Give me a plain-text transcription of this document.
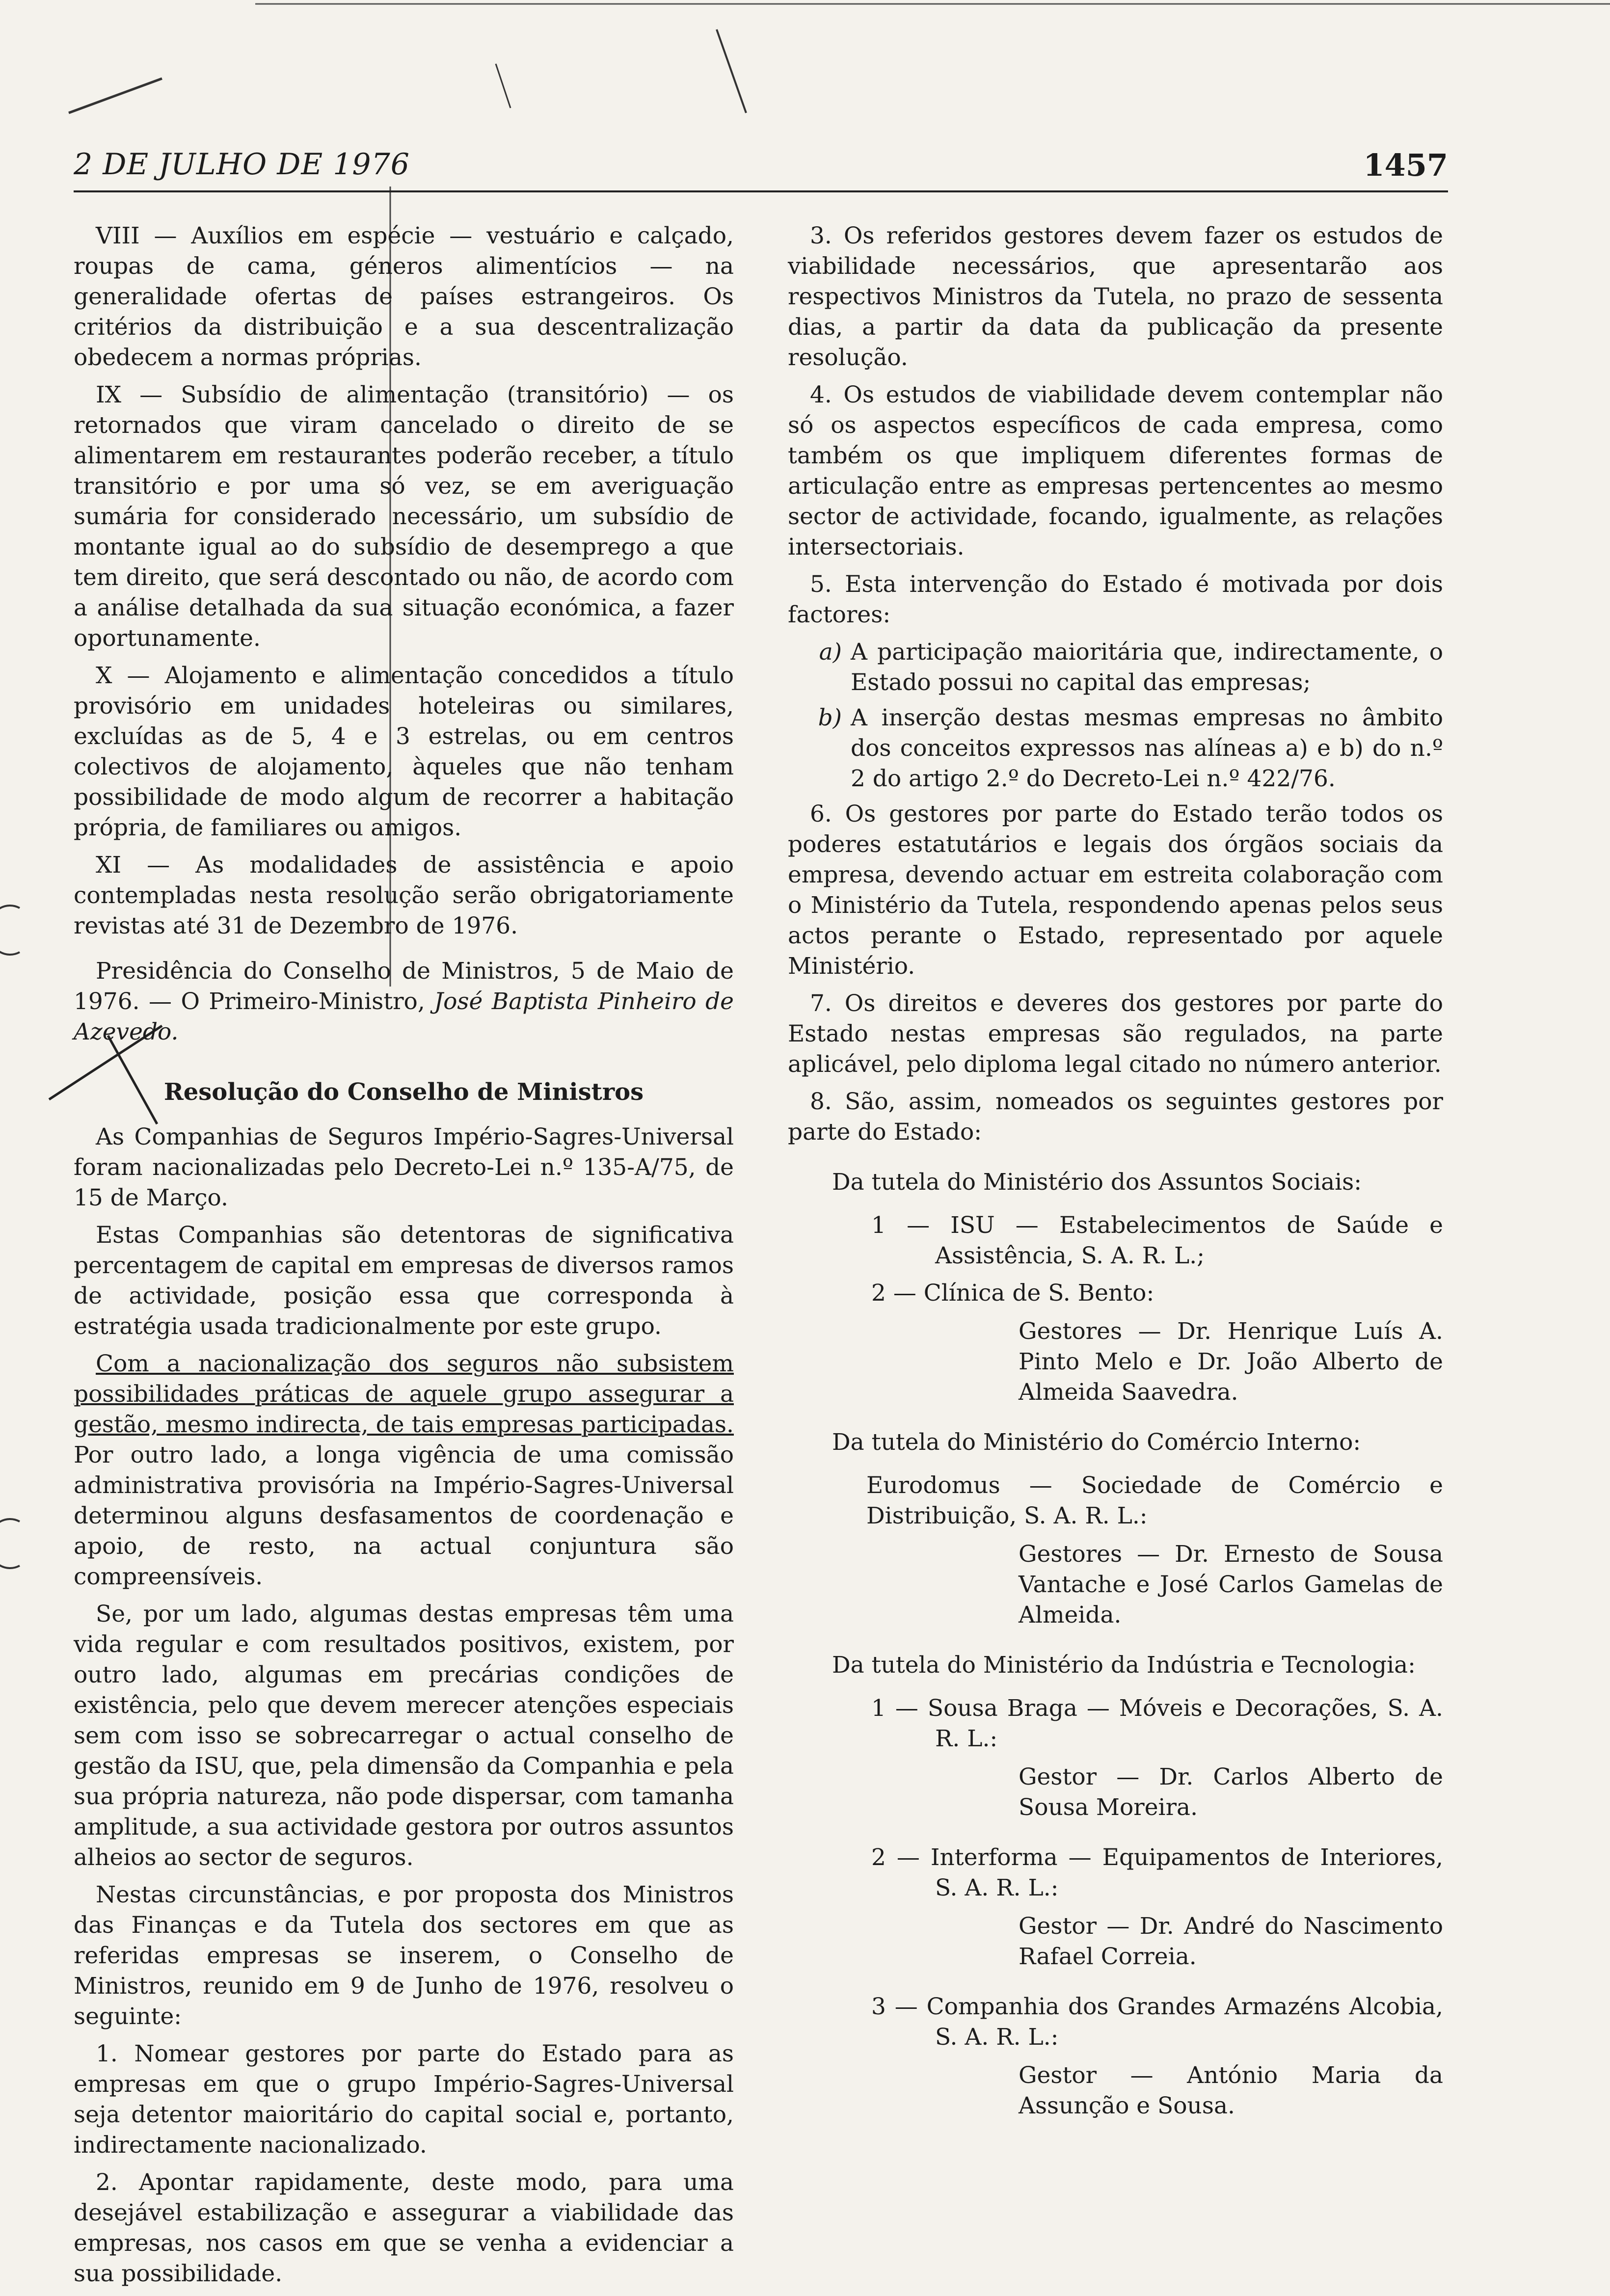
2 DE JULHO DE 1976	1457

VIII — Auxílios em espécie — vestuário e calçado, roupas de cama, géneros alimentícios — na generalidade ofertas de países estrangeiros. Os critérios da distribuição e a sua descentralização obedecem a normas próprias.

IX — Subsídio de alimentação (transitório) — os retornados que viram cancelado o direito de se alimentarem em restaurantes poderão receber, a título transitório e por uma só vez, se em averiguação sumária for considerado necessário, um subsídio de montante igual ao do subsídio de desemprego a que tem direito, que será descontado ou não, de acordo com a análise detalhada da sua situação económica, a fazer oportunamente.

X — Alojamento e alimentação concedidos a título provisório em unidades hoteleiras ou similares, excluídas as de 5, 4 e 3 estrelas, ou em centros colectivos de alojamento, àqueles que não tenham possibilidade de modo algum de recorrer a habitação própria, de familiares ou amigos.

XI — As modalidades de assistência e apoio contempladas nesta resolução serão obrigatoriamente revistas até 31 de Dezembro de 1976.

Presidência do Conselho de Ministros, 5 de Maio de 1976. — O Primeiro-Ministro, José Baptista Pinheiro de Azevedo.

Resolução do Conselho de Ministros

As Companhias de Seguros Império-Sagres-Universal foram nacionalizadas pelo Decreto-Lei n.º 135-A/75, de 15 de Março.

Estas Companhias são detentoras de significativa percentagem de capital em empresas de diversos ramos de actividade, posição essa que corresponda à estratégia usada tradicionalmente por este grupo.

Com a nacionalização dos seguros não subsistem possibilidades práticas de aquele grupo assegurar a gestão, mesmo indirecta, de tais empresas participadas. Por outro lado, a longa vigência de uma comissão administrativa provisória na Império-Sagres-Universal determinou alguns desfasamentos de coordenação e apoio, de resto, na actual conjuntura são compreensíveis.

Se, por um lado, algumas destas empresas têm uma vida regular e com resultados positivos, existem, por outro lado, algumas em precárias condições de existência, pelo que devem merecer atenções especiais sem com isso se sobrecarregar o actual conselho de gestão da ISU, que, pela dimensão da Companhia e pela sua própria natureza, não pode dispersar, com tamanha amplitude, a sua actividade gestora por outros assuntos alheios ao sector de seguros.

Nestas circunstâncias, e por proposta dos Ministros das Finanças e da Tutela dos sectores em que as referidas empresas se inserem, o Conselho de Ministros, reunido em 9 de Junho de 1976, resolveu o seguinte:

1. Nomear gestores por parte do Estado para as empresas em que o grupo Império-Sagres-Universal seja detentor maioritário do capital social e, portanto, indirectamente nacionalizado.

2. Apontar rapidamente, deste modo, para uma desejável estabilização e assegurar a viabilidade das empresas, nos casos em que se venha a evidenciar a sua possibilidade.

3. Os referidos gestores devem fazer os estudos de viabilidade necessários, que apresentarão aos respectivos Ministros da Tutela, no prazo de sessenta dias, a partir da data da publicação da presente resolução.

4. Os estudos de viabilidade devem contemplar não só os aspectos específicos de cada empresa, como também os que impliquem diferentes formas de articulação entre as empresas pertencentes ao mesmo sector de actividade, focando, igualmente, as relações intersectoriais.

5. Esta intervenção do Estado é motivada por dois factores:

a) A participação maioritária que, indirectamente, o Estado possui no capital das empresas;
b) A inserção destas mesmas empresas no âmbito dos conceitos expressos nas alíneas a) e b) do n.º 2 do artigo 2.º do Decreto-Lei n.º 422/76.

6. Os gestores por parte do Estado terão todos os poderes estatutários e legais dos órgãos sociais da empresa, devendo actuar em estreita colaboração com o Ministério da Tutela, respondendo apenas pelos seus actos perante o Estado, representado por aquele Ministério.

7. Os direitos e deveres dos gestores por parte do Estado nestas empresas são regulados, na parte aplicável, pelo diploma legal citado no número anterior.

8. São, assim, nomeados os seguintes gestores por parte do Estado:

Da tutela do Ministério dos Assuntos Sociais:

1 — ISU — Estabelecimentos de Saúde e Assistência, S. A. R. L.;

2 — Clínica de S. Bento:

Gestores — Dr. Henrique Luís A. Pinto Melo e Dr. João Alberto de Almeida Saavedra.

Da tutela do Ministério do Comércio Interno:

Eurodomus — Sociedade de Comércio e Distribuição, S. A. R. L.:

Gestores — Dr. Ernesto de Sousa Vantache e José Carlos Gamelas de Almeida.

Da tutela do Ministério da Indústria e Tecnologia:

1 — Sousa Braga — Móveis e Decorações, S. A. R. L.:

Gestor — Dr. Carlos Alberto de Sousa Moreira.

2 — Interforma — Equipamentos de Interiores, S. A. R. L.:

Gestor — Dr. André do Nascimento Rafael Correia.

3 — Companhia dos Grandes Armazéns Alcobia, S. A. R. L.:

Gestor — António Maria da Assunção e Sousa.
